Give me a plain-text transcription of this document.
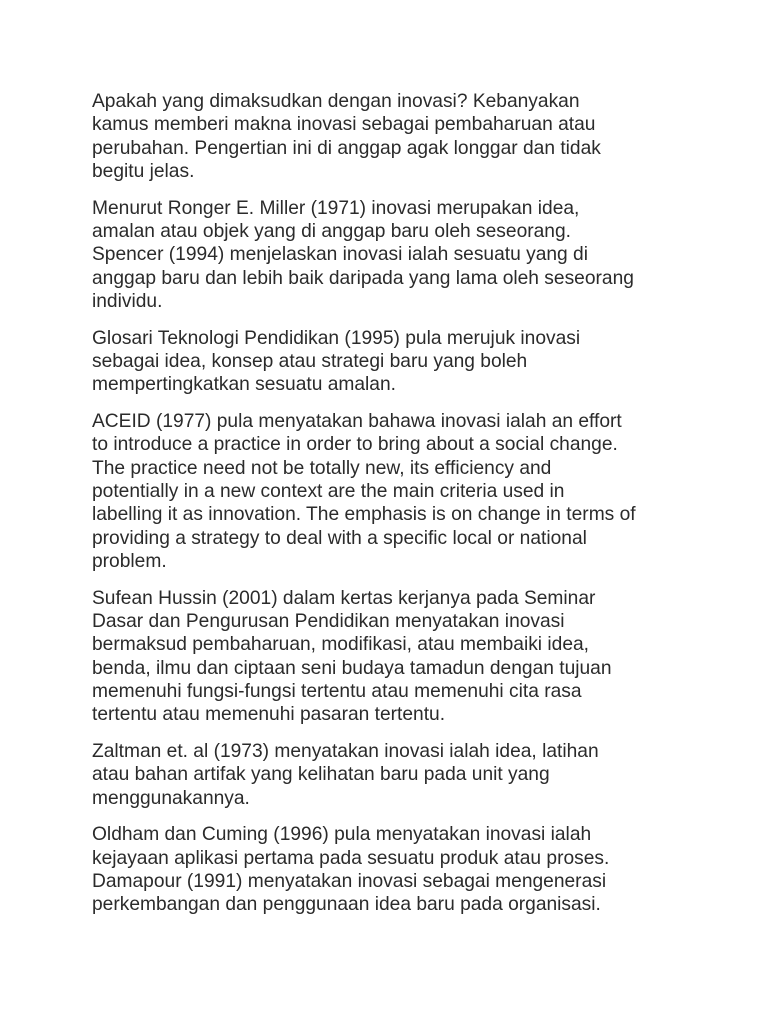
Apakah yang dimaksudkan dengan inovasi? Kebanyakan
kamus memberi makna inovasi sebagai pembaharuan atau
perubahan. Pengertian ini di anggap agak longgar dan tidak
begitu jelas.

Menurut Ronger E. Miller (1971) inovasi merupakan idea,
amalan atau objek yang di anggap baru oleh seseorang.
Spencer (1994) menjelaskan inovasi ialah sesuatu yang di
anggap baru dan lebih baik daripada yang lama oleh seseorang
individu.

Glosari Teknologi Pendidikan (1995) pula merujuk inovasi
sebagai idea, konsep atau strategi baru yang boleh
mempertingkatkan sesuatu amalan.

ACEID (1977) pula menyatakan bahawa inovasi ialah an effort
to introduce a practice in order to bring about a social change.
The practice need not be totally new, its efficiency and
potentially in a new context are the main criteria used in
labelling it as innovation. The emphasis is on change in terms of
providing a strategy to deal with a specific local or national
problem.

Sufean Hussin (2001) dalam kertas kerjanya pada Seminar
Dasar dan Pengurusan Pendidikan menyatakan inovasi
bermaksud pembaharuan, modifikasi, atau membaiki idea,
benda, ilmu dan ciptaan seni budaya tamadun dengan tujuan
memenuhi fungsi-fungsi tertentu atau memenuhi cita rasa
tertentu atau memenuhi pasaran tertentu.

Zaltman et. al (1973) menyatakan inovasi ialah idea, latihan
atau bahan artifak yang kelihatan baru pada unit yang
menggunakannya.

Oldham dan Cuming (1996) pula menyatakan inovasi ialah
kejayaan aplikasi pertama pada sesuatu produk atau proses.
Damapour (1991) menyatakan inovasi sebagai mengenerasi
perkembangan dan penggunaan idea baru pada organisasi.
